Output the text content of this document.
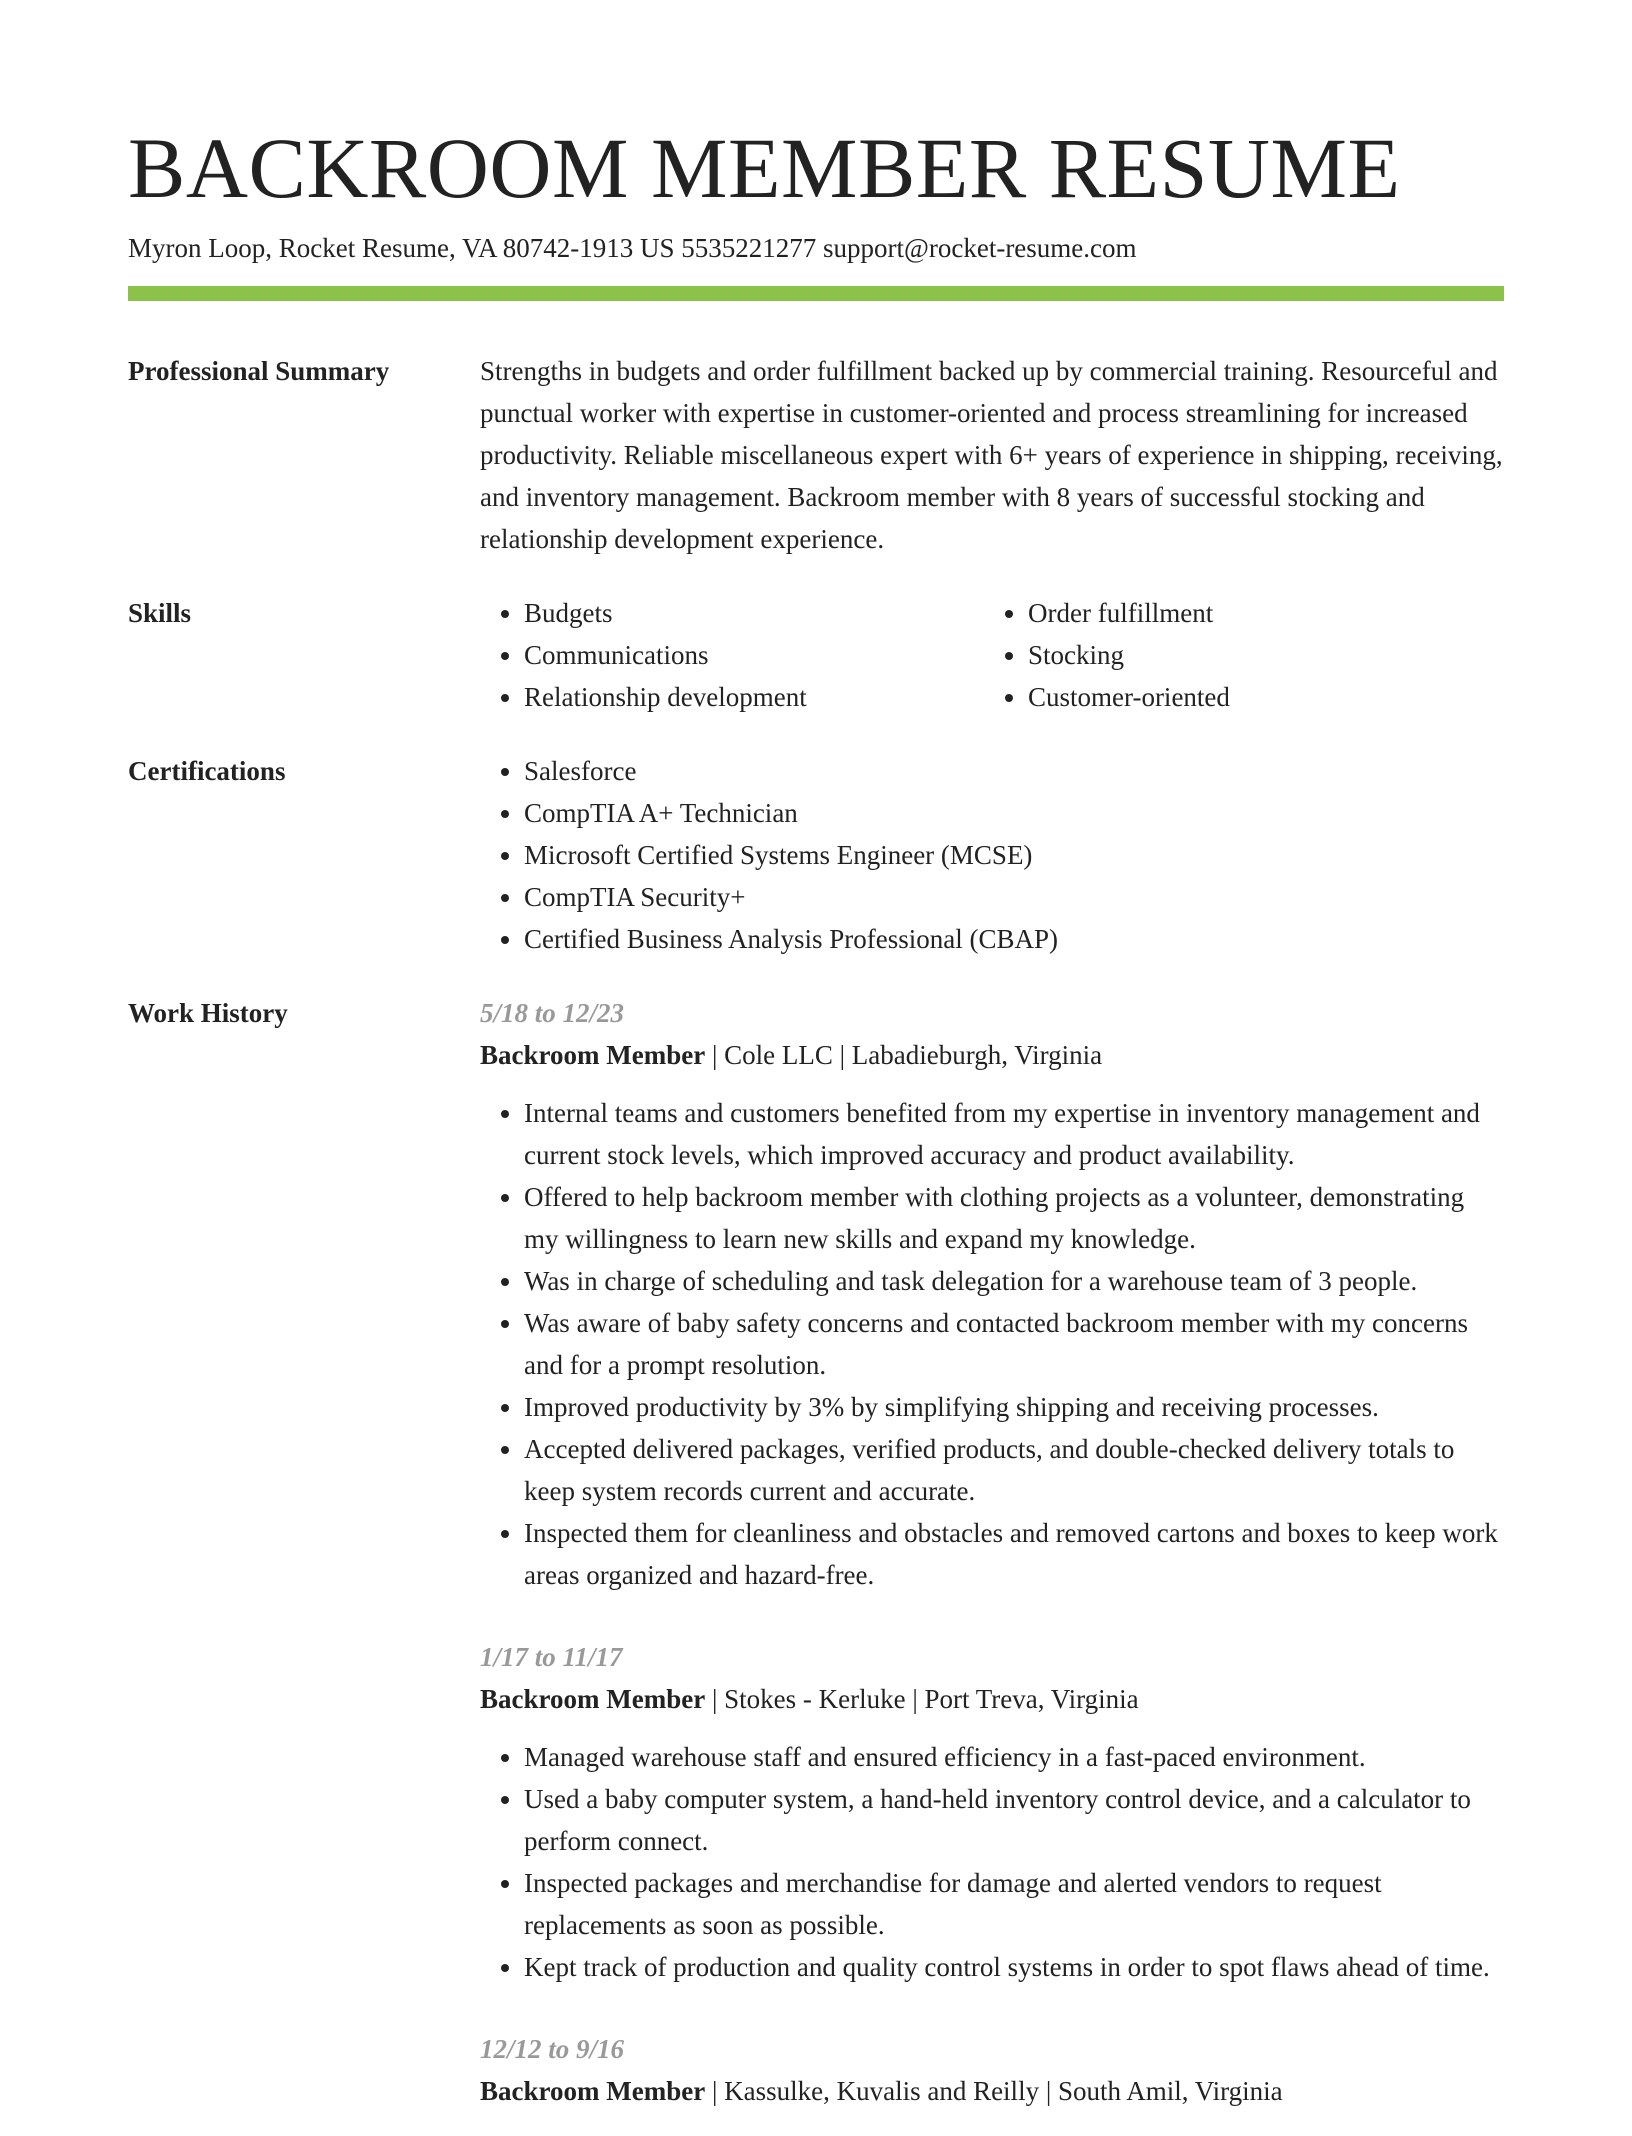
BACKROOM MEMBER RESUME
Myron Loop, Rocket Resume, VA 80742-1913 US 5535221277 support@rocket-resume.com
Professional Summary	Strengths in budgets and order fulfillment backed up by commercial training. Resourceful and punctual worker with expertise in customer-oriented and process streamlining for increased productivity. Reliable miscellaneous expert with 6+ years of experience in shipping, receiving, and inventory management. Backroom member with 8 years of successful stocking and relationship development experience.

Skills	• Budgets
• Communications
• Relationship development
• Order fulfillment
• Stocking
• Customer-oriented
Certifications	• Salesforce
• CompTIA A+ Technician
• Microsoft Certified Systems Engineer (MCSE)
• CompTIA Security+
• Certified Business Analysis Professional (CBAP)
Work History	5/18 to 12/23
Backroom Member | Cole LLC | Labadieburgh, Virginia
• Internal teams and customers benefited from my expertise in inventory management and current stock levels, which improved accuracy and product availability.
• Offered to help backroom member with clothing projects as a volunteer, demonstrating my willingness to learn new skills and expand my knowledge.
• Was in charge of scheduling and task delegation for a warehouse team of 3 people.
• Was aware of baby safety concerns and contacted backroom member with my concerns and for a prompt resolution.
• Improved productivity by 3% by simplifying shipping and receiving processes.
• Accepted delivered packages, verified products, and double-checked delivery totals to keep system records current and accurate.
• Inspected them for cleanliness and obstacles and removed cartons and boxes to keep work areas organized and hazard-free.
1/17 to 11/17
Backroom Member | Stokes - Kerluke | Port Treva, Virginia
• Managed warehouse staff and ensured efficiency in a fast-paced environment.
• Used a baby computer system, a hand-held inventory control device, and a calculator to perform connect.
• Inspected packages and merchandise for damage and alerted vendors to request replacements as soon as possible.
• Kept track of production and quality control systems in order to spot flaws ahead of time.
12/12 to 9/16
Backroom Member | Kassulke, Kuvalis and Reilly | South Amil, Virginia
